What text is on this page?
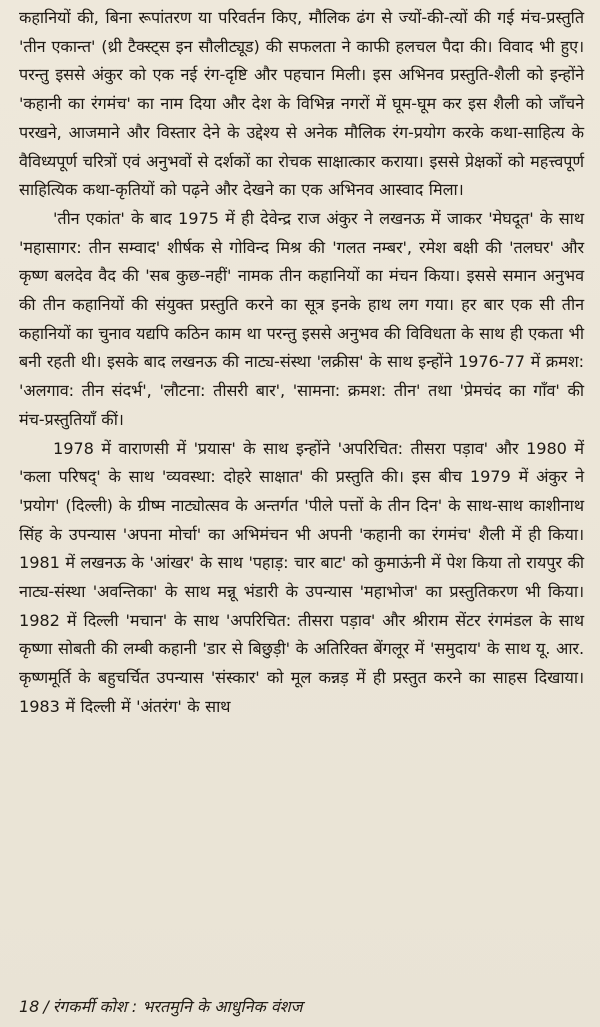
कहानियों की, बिना रूपांतरण या परिवर्तन किए, मौलिक ढंग से ज्यों-की-त्यों की गई मंच-प्रस्तुति 'तीन एकान्त' (थ्री टैक्स्ट्स इन सौलीट्यूड) की सफलता ने काफी हलचल पैदा की। विवाद भी हुए। परन्तु इससे अंकुर को एक नई रंग-दृष्टि और पहचान मिली। इस अभिनव प्रस्तुति-शैली को इन्होंने 'कहानी का रंगमंच' का नाम दिया और देश के विभिन्न नगरों में घूम-घूम कर इस शैली को जाँचने परखने, आजमाने और विस्तार देने के उद्देश्य से अनेक मौलिक रंग-प्रयोग करके कथा-साहित्य के वैविध्यपूर्ण चरित्रों एवं अनुभवों से दर्शकों का रोचक साक्षात्कार कराया। इससे प्रेक्षकों को महत्त्वपूर्ण साहित्यिक कथा-कृतियों को पढ़ने और देखने का एक अभिनव आस्वाद मिला।

'तीन एकांत' के बाद 1975 में ही देवेन्द्र राज अंकुर ने लखनऊ में जाकर 'मेघदूत' के साथ 'महासागर: तीन सम्वाद' शीर्षक से गोविन्द मिश्र की 'गलत नम्बर', रमेश बक्षी की 'तलघर' और कृष्ण बलदेव वैद की 'सब कुछ-नहीं' नामक तीन कहानियों का मंचन किया। इससे समान अनुभव की तीन कहानियों की संयुक्त प्रस्तुति करने का सूत्र इनके हाथ लग गया। हर बार एक सी तीन कहानियों का चुनाव यद्यपि कठिन काम था परन्तु इससे अनुभव की विविधता के साथ ही एकता भी बनी रहती थी। इसके बाद लखनऊ की नाट्य-संस्था 'लक्रीस' के साथ इन्होंने 1976-77 में क्रमश: 'अलगाव: तीन संदर्भ', 'लौटना: तीसरी बार', 'सामना: क्रमश: तीन' तथा 'प्रेमचंद का गाँव' की मंच-प्रस्तुतियाँ कीं।

1978 में वाराणसी में 'प्रयास' के साथ इन्होंने 'अपरिचित: तीसरा पड़ाव' और 1980 में 'कला परिषद्' के साथ 'व्यवस्था: दोहरे साक्षात' की प्रस्तुति की। इस बीच 1979 में अंकुर ने 'प्रयोग' (दिल्ली) के ग्रीष्म नाट्योत्सव के अन्तर्गत 'पीले पत्तों के तीन दिन' के साथ-साथ काशीनाथ सिंह के उपन्यास 'अपना मोर्चा' का अभिमंचन भी अपनी 'कहानी का रंगमंच' शैली में ही किया। 1981 में लखनऊ के 'आंखर' के साथ 'पहाड़: चार बाट' को कुमाऊंनी में पेश किया तो रायपुर की नाट्य-संस्था 'अवन्तिका' के साथ मन्नू भंडारी के उपन्यास 'महाभोज' का प्रस्तुतिकरण भी किया। 1982 में दिल्ली 'मचान' के साथ 'अपरिचित: तीसरा पड़ाव' और श्रीराम सेंटर रंगमंडल के साथ कृष्णा सोबती की लम्बी कहानी 'डार से बिछुड़ी' के अतिरिक्त बेंगलूर में 'समुदाय' के साथ यू. आर. कृष्णमूर्ति के बहुचर्चित उपन्यास 'संस्कार' को मूल कन्नड़ में ही प्रस्तुत करने का साहस दिखाया। 1983 में दिल्ली में 'अंतरंग' के साथ

18 / रंगकर्मी कोश : भरतमुनि के आधुनिक वंशज
